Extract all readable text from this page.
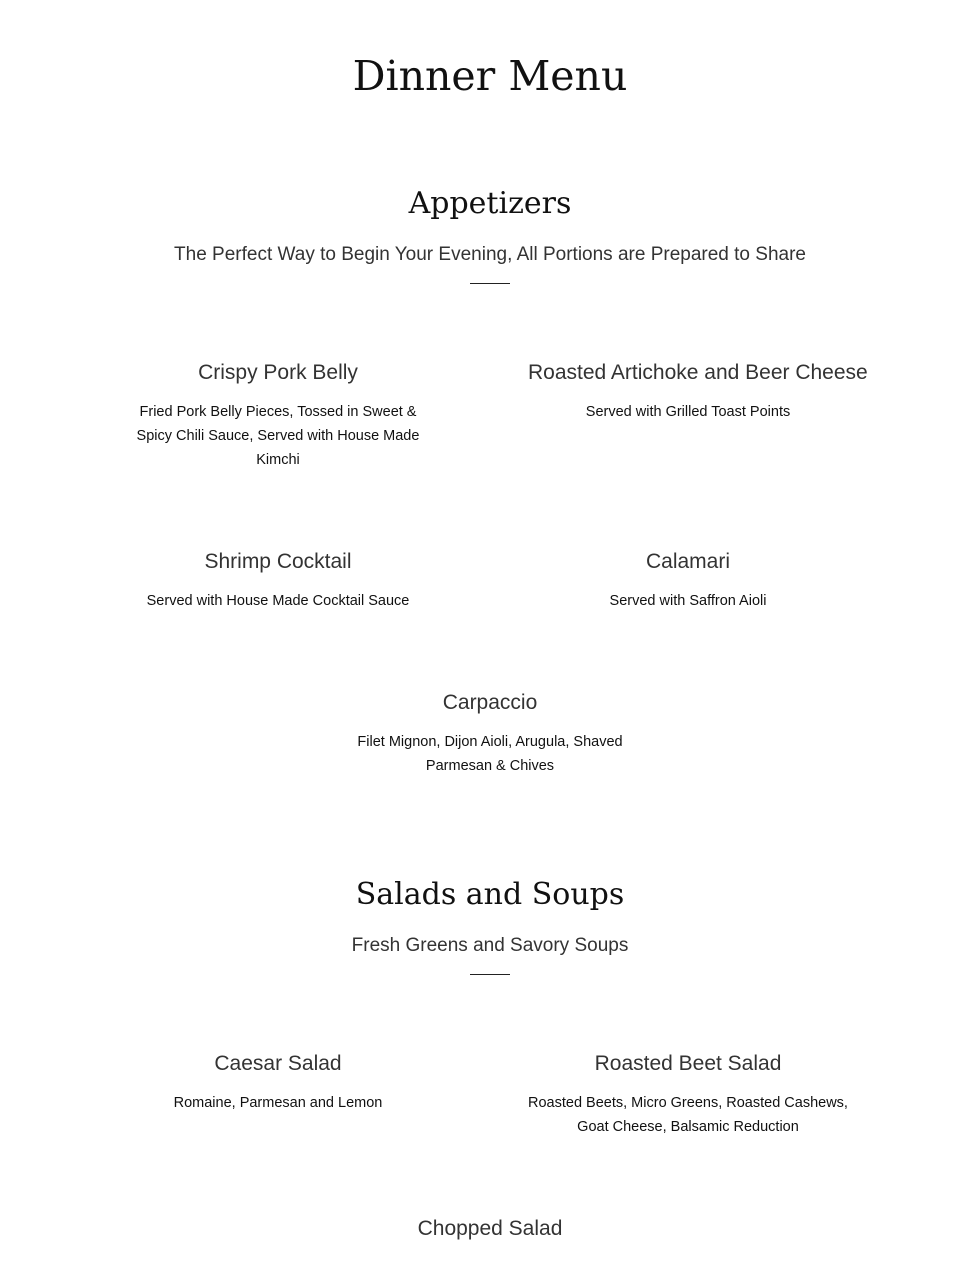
Dinner Menu
Appetizers

The Perfect Way to Begin Your Evening, All Portions are Prepared to Share

Crispy Pork Belly

Fried Pork Belly Pieces, Tossed in Sweet & Spicy Chili Sauce, Served with House Made Kimchi

Roasted Artichoke and Beer Cheese

Served with Grilled Toast Points

Shrimp Cocktail

Served with House Made Cocktail Sauce

Calamari

Served with Saffron Aioli

Carpaccio

Filet Mignon, Dijon Aioli, Arugula, Shaved Parmesan & Chives

Salads and Soups

Fresh Greens and Savory Soups

Caesar Salad

Romaine, Parmesan and Lemon

Roasted Beet Salad

Roasted Beets, Micro Greens, Roasted Cashews, Goat Cheese, Balsamic Reduction

Chopped Salad
